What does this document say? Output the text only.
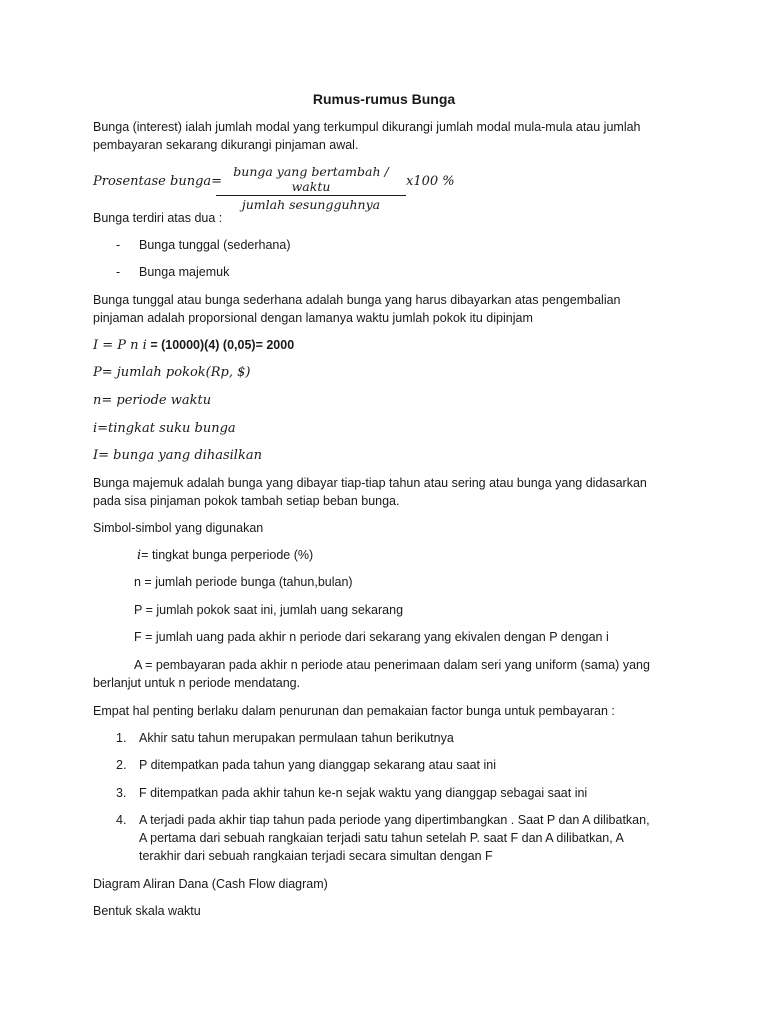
Rumus-rumus Bunga
Bunga (interest) ialah jumlah modal yang terkumpul dikurangi jumlah modal mula-mula atau jumlah
pembayaran sekarang dikurangi pinjaman awal.
Prosentase bunga=
bunga yang bertambah / waktu
jumlah sesungguhnya
x100 %
Bunga terdiri atas dua :
- Bunga tunggal (sederhana)
- Bunga majemuk
Bunga tunggal atau bunga sederhana adalah bunga yang harus dibayarkan atas pengembalian
pinjaman adalah proporsional dengan lamanya waktu jumlah pokok itu dipinjam
I = P n i = (10000)(4) (0,05)= 2000
P= jumlah pokok(Rp, $)
n= periode waktu
i=tingkat suku bunga
I= bunga yang dihasilkan
Bunga majemuk adalah bunga yang dibayar tiap-tiap tahun atau sering atau bunga yang didasarkan
pada sisa pinjaman pokok tambah setiap beban bunga.
Simbol-simbol yang digunakan
i= tingkat bunga perperiode (%)
n = jumlah periode bunga (tahun,bulan)
P = jumlah pokok saat ini, jumlah uang sekarang
F = jumlah uang pada akhir n periode dari sekarang yang ekivalen dengan P dengan i
A = pembayaran pada akhir n periode atau penerimaan dalam seri yang uniform (sama) yang
berlanjut untuk n periode mendatang.
Empat hal penting berlaku dalam penurunan dan pemakaian factor bunga untuk pembayaran :
1. Akhir satu tahun merupakan permulaan tahun berikutnya
2. P ditempatkan pada tahun yang dianggap sekarang atau saat ini
3. F ditempatkan pada akhir tahun ke-n sejak waktu yang dianggap sebagai saat ini
4. A terjadi pada akhir tiap tahun pada periode yang dipertimbangkan . Saat P dan A dilibatkan,
A pertama dari sebuah rangkaian terjadi satu tahun setelah P. saat F dan A dilibatkan, A
terakhir dari sebuah rangkaian terjadi secara simultan dengan F
Diagram Aliran Dana (Cash Flow diagram)
Bentuk skala waktu
